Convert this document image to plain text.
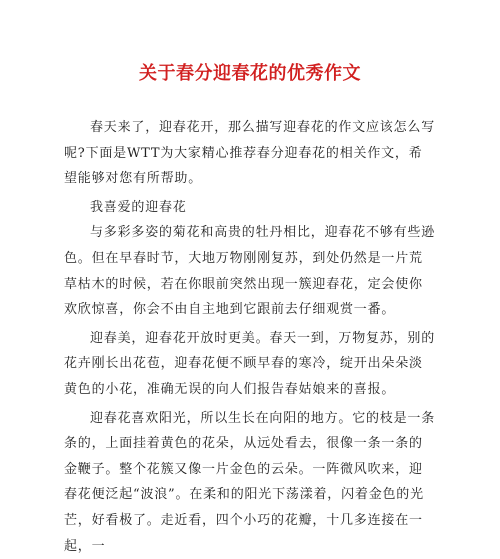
关于春分迎春花的优秀作文

春天来了，迎春花开，那么描写迎春花的作文应该怎么写呢?下面是WTT为大家精心推荐春分迎春花的相关作文，希望能够对您有所帮助。

我喜爱的迎春花

与多彩多姿的菊花和高贵的牡丹相比，迎春花不够有些逊色。但在早春时节，大地万物刚刚复苏，到处仍然是一片荒草枯木的时候，若在你眼前突然出现一簇迎春花，定会使你欢欣惊喜，你会不由自主地到它跟前去仔细观赏一番。

迎春美，迎春花开放时更美。春天一到，万物复苏，别的花卉刚长出花苞，迎春花便不顾早春的寒冷，绽开出朵朵淡黄色的小花，准确无误的向人们报告春姑娘来的喜报。

迎春花喜欢阳光，所以生长在向阳的地方。它的枝是一条条的，上面挂着黄色的花朵，从远处看去，很像一条一条的金鞭子。整个花簇又像一片金色的云朵。一阵微风吹来，迎春花便泛起“波浪”。在柔和的阳光下荡漾着，闪着金色的光芒，好看极了。走近看，四个小巧的花瓣，十几多连接在一起，一
